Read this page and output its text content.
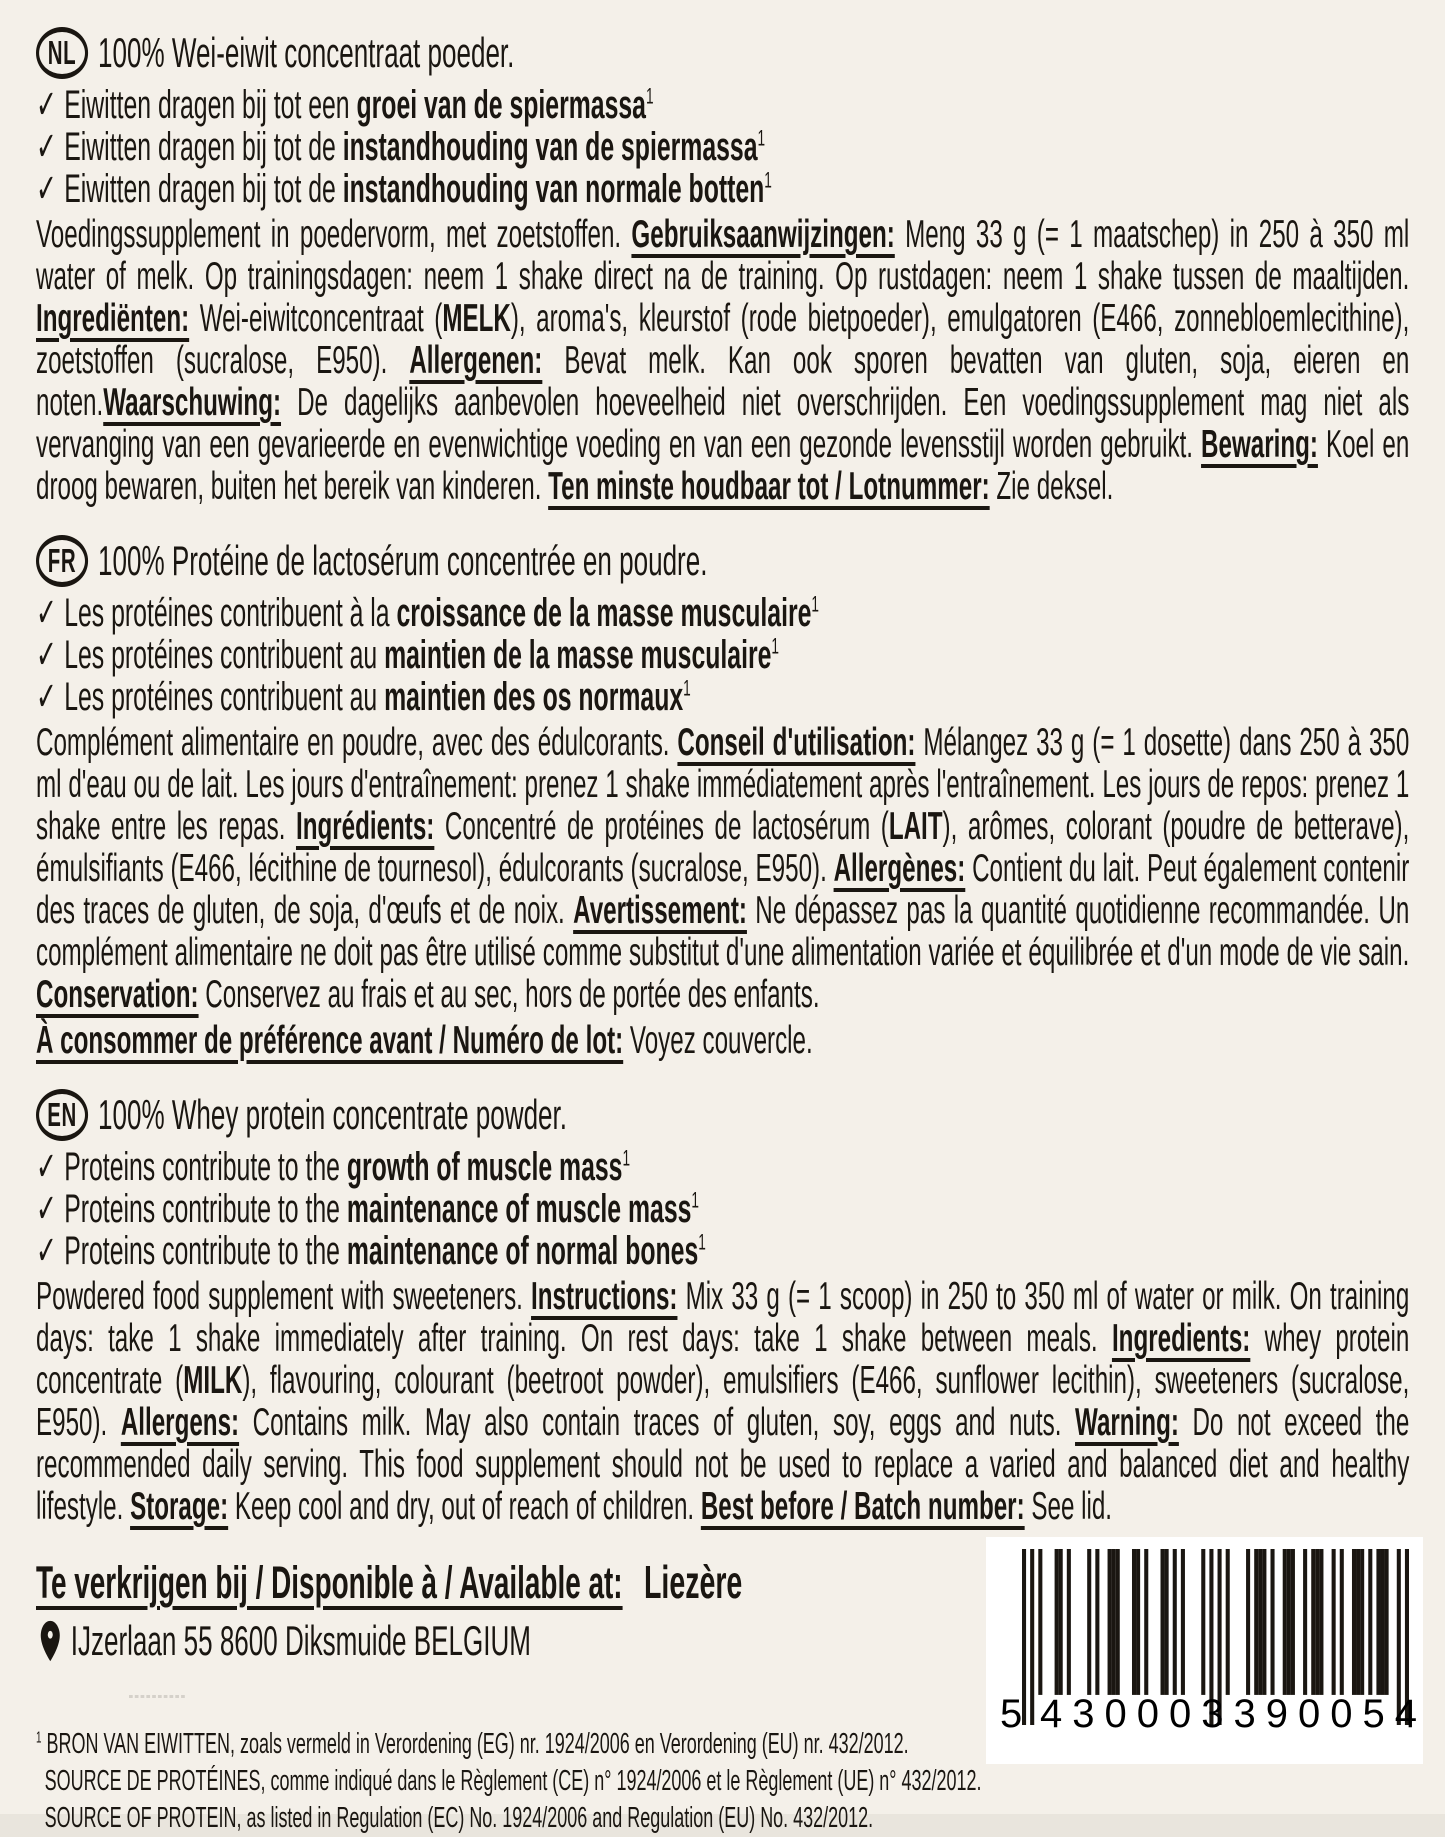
NL 100% Wei-eiwit concentraat poeder.
✓ Eiwitten dragen bij tot een groei van de spiermassa$^1$
✓ Eiwitten dragen bij tot de instandhouding van de spiermassa$^1$
✓ Eiwitten dragen bij tot de instandhouding van normale botten$^1$

Voedingssupplement in poedervorm, met zoetstoffen. Gebruiksaanwijzingen: Meng 33 g (= 1 maatschep) in 250 à 350 ml water of melk. Op trainingsdagen: neem 1 shake direct na de training. Op rustdagen: neem 1 shake tussen de maaltijden. Ingrediënten: Wei-eiwitconcentraat (MELK), aroma's, kleurstof (rode bietpoeder), emulgatoren (E466, zonnebloemlecithine), zoetstoffen (sucralose, E950). Allergenen: Bevat melk. Kan ook sporen bevatten van gluten, soja, eieren en noten.Waarschuwing: De dagelijks aanbevolen hoeveelheid niet overschrijden. Een voedingssupplement mag niet als vervanging van een gevarieerde en evenwichtige voeding en van een gezonde levensstijl worden gebruikt. Bewaring: Koel en droog bewaren, buiten het bereik van kinderen. Ten minste houdbaar tot / Lotnummer: Zie deksel.

FR 100% Protéine de lactosérum concentrée en poudre.
✓ Les protéines contribuent à la croissance de la masse musculaire$^1$
✓ Les protéines contribuent au maintien de la masse musculaire$^1$
✓ Les protéines contribuent au maintien des os normaux$^1$

Complément alimentaire en poudre, avec des édulcorants. Conseil d'utilisation: Mélangez 33 g (= 1 dosette) dans 250 à 350 ml d'eau ou de lait. Les jours d'entraînement: prenez 1 shake immédiatement après l'entraînement. Les jours de repos: prenez 1 shake entre les repas. Ingrédients: Concentré de protéines de lactosérum (LAIT), arômes, colorant (poudre de betterave), émulsifiants (E466, lécithine de tournesol), édulcorants (sucralose, E950). Allergènes: Contient du lait. Peut également contenir des traces de gluten, de soja, d'œufs et de noix. Avertissement: Ne dépassez pas la quantité quotidienne recommandée. Un complément alimentaire ne doit pas être utilisé comme substitut d'une alimentation variée et équilibrée et d'un mode de vie sain. Conservation: Conservez au frais et au sec, hors de portée des enfants.

À consommer de préférence avant / Numéro de lot: Voyez couvercle.

EN 100% Whey protein concentrate powder.
✓ Proteins contribute to the growth of muscle mass$^1$
✓ Proteins contribute to the maintenance of muscle mass$^1$
✓ Proteins contribute to the maintenance of normal bones$^1$

Powdered food supplement with sweeteners. Instructions: Mix 33 g (= 1 scoop) in 250 to 350 ml of water or milk. On training days: take 1 shake immediately after training. On rest days: take 1 shake between meals. Ingredients: whey protein concentrate (MILK), flavouring, colourant (beetroot powder), emulsifiers (E466, sunflower lecithin), sweeteners (sucralose, E950). Allergens: Contains milk. May also contain traces of gluten, soy, eggs and nuts. Warning: Do not exceed the recommended daily serving. This food supplement should not be used to replace a varied and balanced diet and healthy lifestyle. Storage: Keep cool and dry, out of reach of children. Best before / Batch number: See lid.

Te verkrijgen bij / Disponible à / Available at: Liezère
IJzerlaan 55 8600 Diksmuide BELGIUM

$^1$ BRON VAN EIWITTEN, zoals vermeld in Verordening (EG) nr. 1924/2006 en Verordening (EU) nr. 432/2012.

SOURCE DE PROTÉINES, comme indiqué dans le Règlement (CE) n° 1924/2006 et le Règlement (UE) n° 432/2012.

SOURCE OF PROTEIN, as listed in Regulation (EC) No. 1924/2006 and Regulation (EU) No. 432/2012.

5 430003 390054
